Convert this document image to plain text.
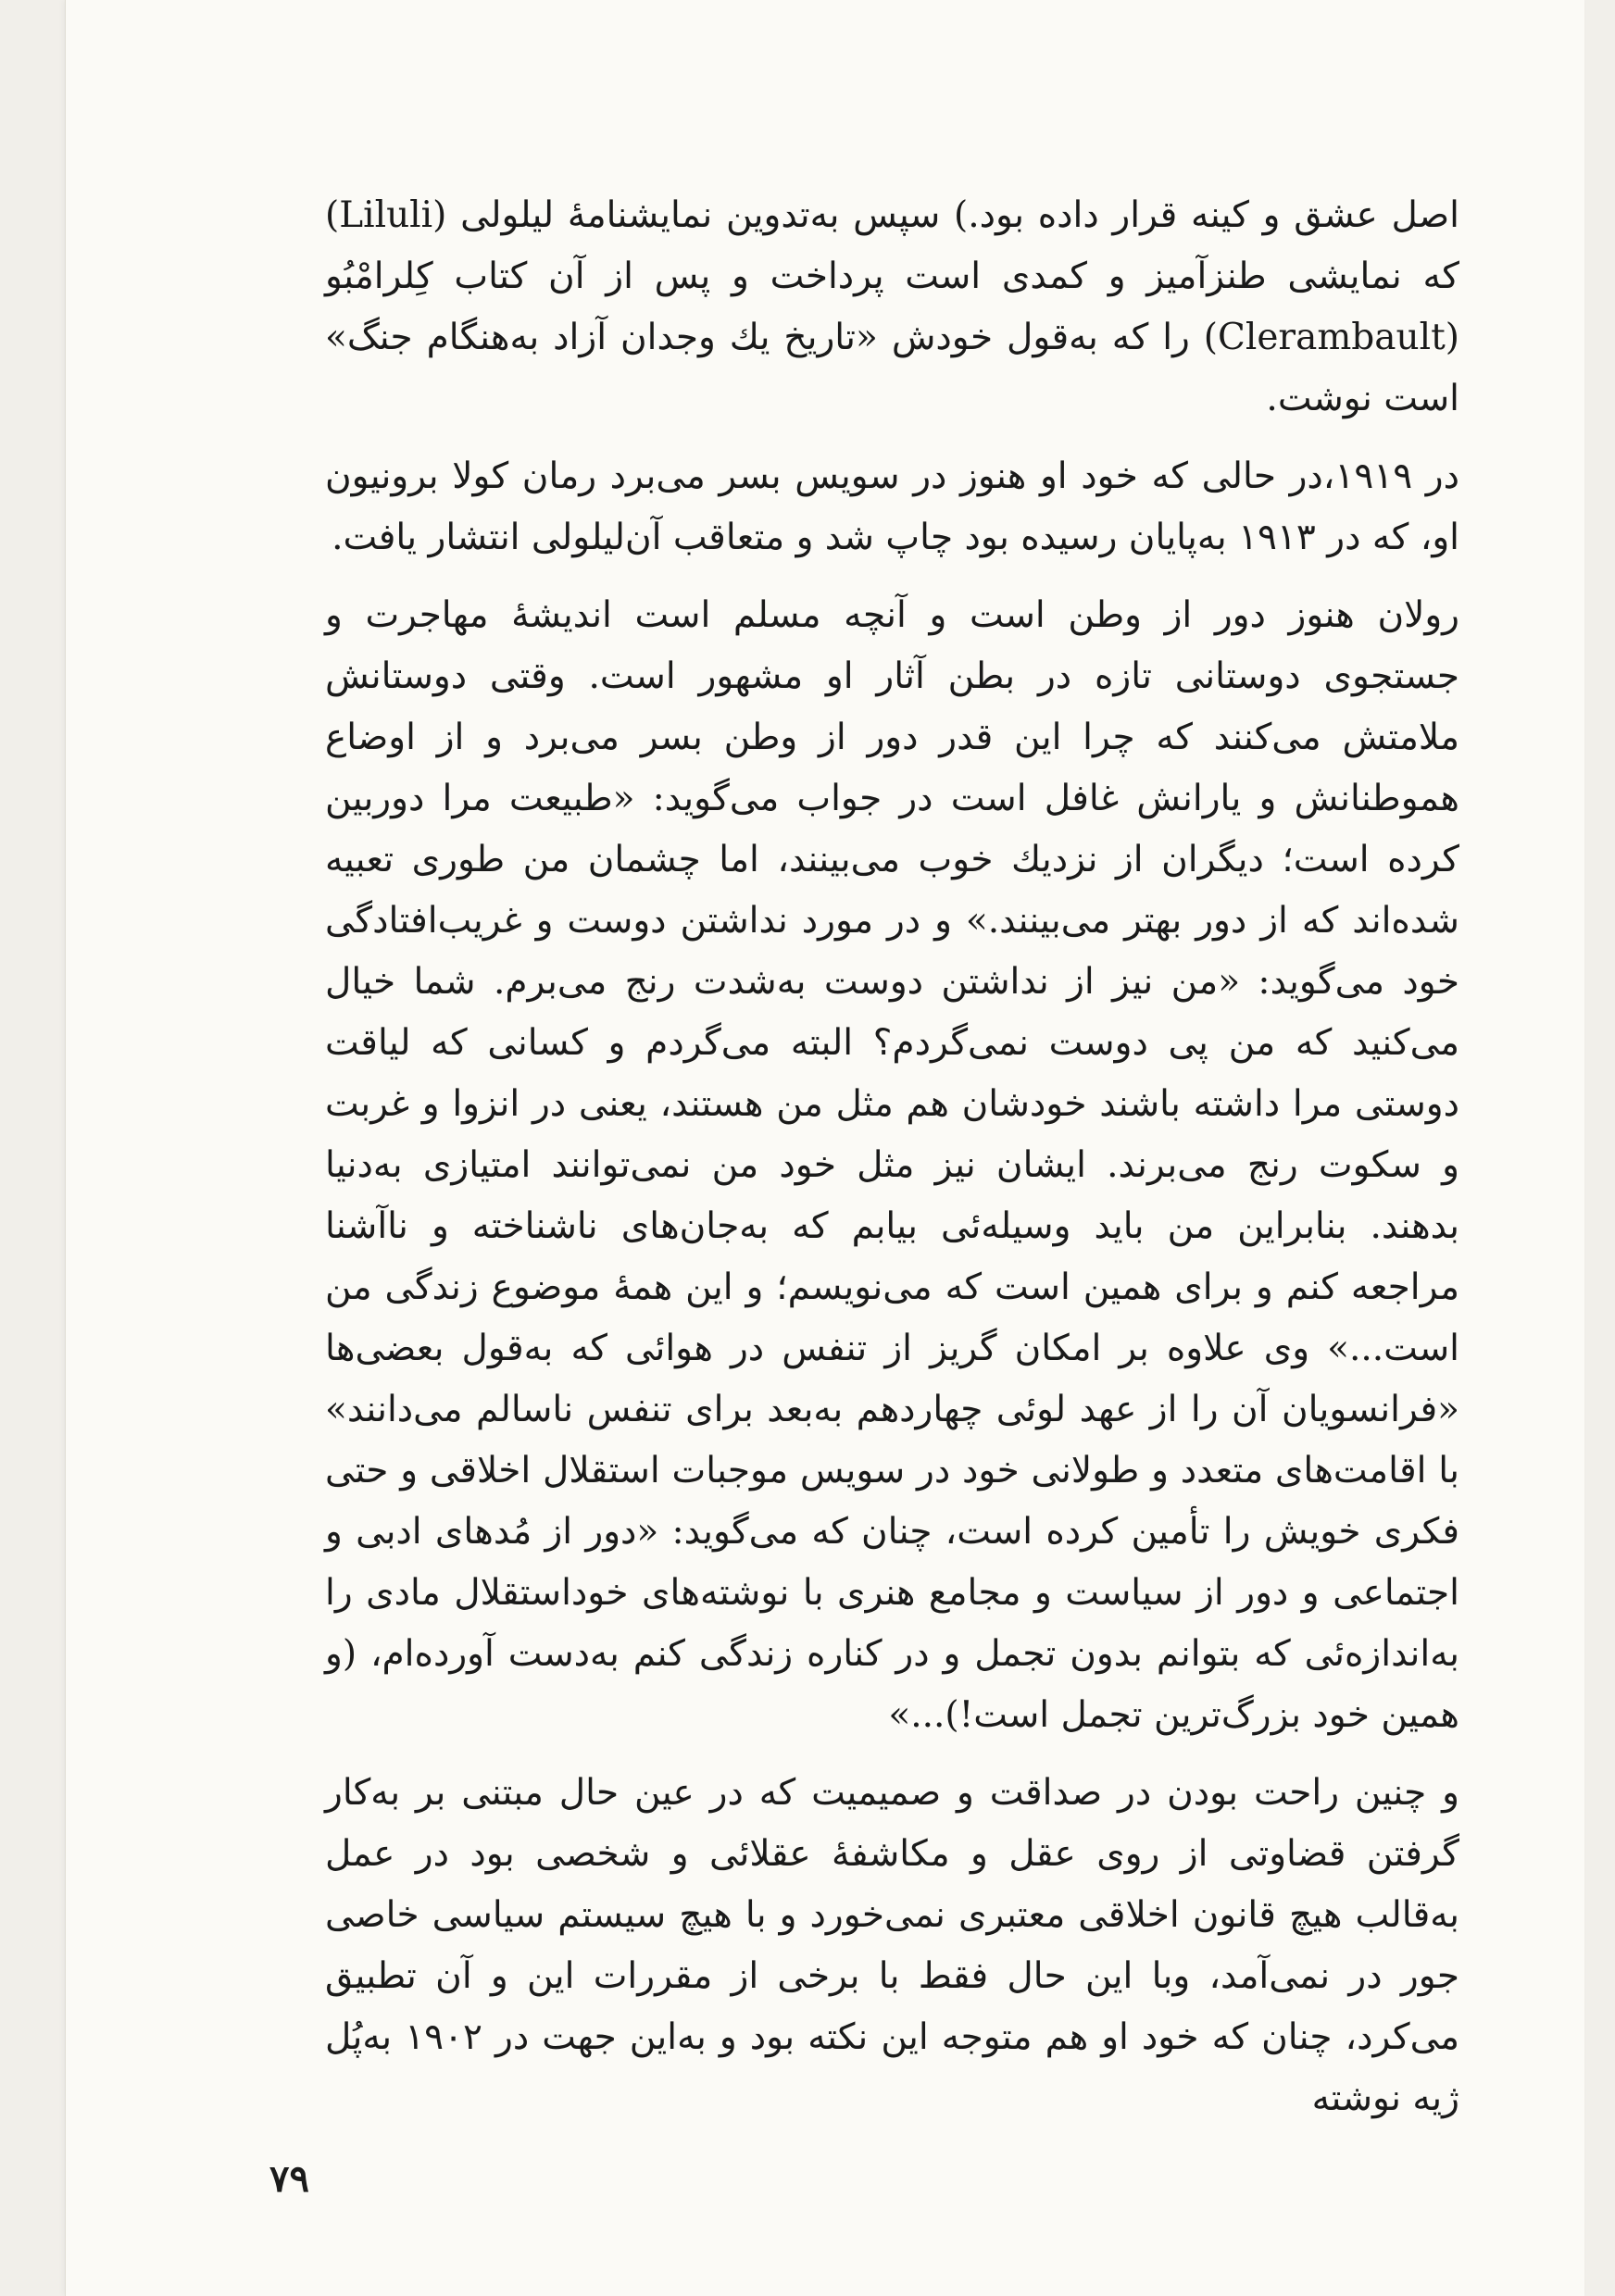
اصل عشق و کینه قرار داده بود.) سپس به‌تدوین نمایشنامهٔ لیلولی (Liluli) که نمایشی طنزآمیز و کمدی است پرداخت و پس از آن کتاب کِلرامْبُو (Clerambault) را که به‌قول خودش «تاریخ یك وجدان آزاد به‌هنگام جنگ» است نوشت.

در ۱۹۱۹،در حالی که خود او هنوز در سویس بسر می‌برد رمان کولا برونیون او، که در ۱۹۱۳ به‌پایان رسیده بود چاپ شد و متعاقب آن‌لیلولی انتشار یافت.

رولان هنوز دور از وطن است و آنچه مسلم است اندیشهٔ مهاجرت و جستجوی دوستانی تازه در بطن آثار او مشهور است. وقتی دوستانش ملامتش می‌کنند که چرا این قدر دور از وطن بسر می‌برد و از اوضاع هموطنانش و یارانش غافل است در جواب می‌گوید: «طبیعت مرا دوربین کرده است؛ دیگران از نزدیك خوب می‌بینند، اما چشمان من طوری تعبیه شده‌اند که از دور بهتر می‌بینند.» و در مورد نداشتن دوست و غریب‌افتادگی خود می‌گوید: «من نیز از نداشتن دوست به‌شدت رنج می‌برم. شما خیال می‌کنید که من پی دوست نمی‌گردم؟ البته می‌گردم و کسانی که لیاقت دوستی مرا داشته باشند خودشان هم مثل من هستند، یعنی در انزوا و غربت و سکوت رنج می‌برند. ایشان نیز مثل خود من نمی‌توانند امتیازی به‌دنیا بدهند. بنابراین من باید وسیله‌ئی بیابم که به‌جان‌های ناشناخته و ناآشنا مراجعه کنم و برای همین است که می‌نویسم؛ و این همهٔ موضوع زندگی من است...» وی علاوه بر امکان گریز از تنفس در هوائی که به‌قول بعضی‌ها «فرانسویان آن را از عهد لوئی چهاردهم به‌بعد برای تنفس ناسالم می‌دانند» با اقامت‌های متعدد و طولانی خود در سویس موجبات استقلال اخلاقی و حتی فکری خویش را تأمین کرده است، چنان که می‌گوید: «دور از مُدهای ادبی و اجتماعی و دور از سیاست و مجامع هنری با نوشته‌های خوداستقلال مادی را به‌اندازه‌ئی که بتوانم بدون تجمل و در کناره زندگی کنم به‌دست آورده‌ام، (و همین خود بزرگ‌ترین تجمل است!)...»

و چنین راحت بودن در صداقت و صمیمیت که در عین حال مبتنی بر به‌کار گرفتن قضاوتی از روی عقل و مکاشفهٔ عقلائی و شخصی بود در عمل به‌قالب هیچ قانون اخلاقی معتبری نمی‌خورد و با هیچ سیستم سیاسی خاصی جور در نمی‌آمد، وبا این حال فقط با برخی از مقررات این و آن تطبیق می‌کرد، چنان که خود او هم متوجه این نکته بود و به‌این جهت در ۱۹۰۲ به‌پُل ژیه نوشته

۷۹
